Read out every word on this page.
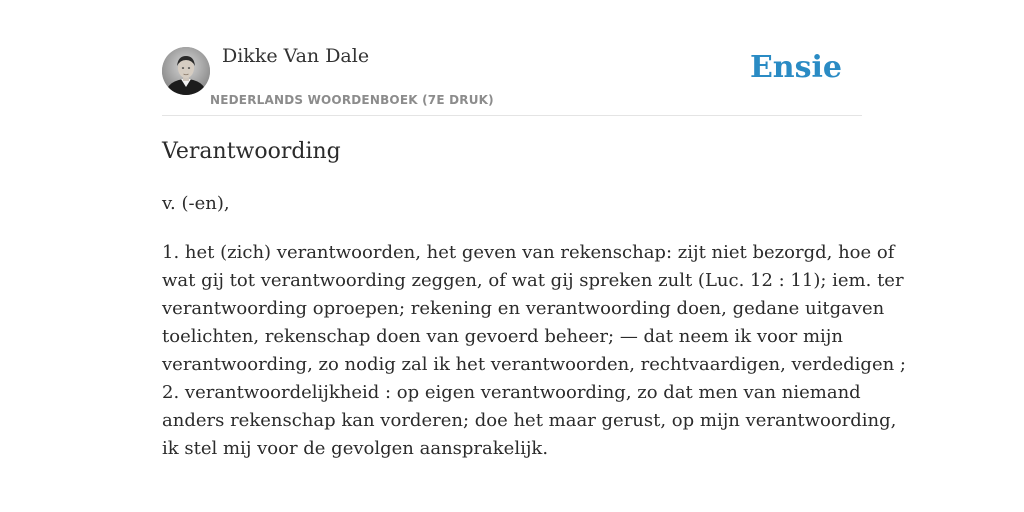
Dikke Van Dale
NEDERLANDS WOORDENBOEK (7E DRUK)
Ensie
Verantwoording
v. (-en),
1. het (zich) verantwoorden, het geven van rekenschap: zijt niet bezorgd, hoe of
wat gij tot verantwoording zeggen, of wat gij spreken zult (Luc. 12 : 11); iem. ter
verantwoording oproepen; rekening en verantwoording doen, gedane uitgaven
toelichten, rekenschap doen van gevoerd beheer; — dat neem ik voor mijn
verantwoording, zo nodig zal ik het verantwoorden, rechtvaardigen, verdedigen ;
2. verantwoordelijkheid : op eigen verantwoording, zo dat men van niemand
anders rekenschap kan vorderen; doe het maar gerust, op mijn verantwoording,
ik stel mij voor de gevolgen aansprakelijk.
